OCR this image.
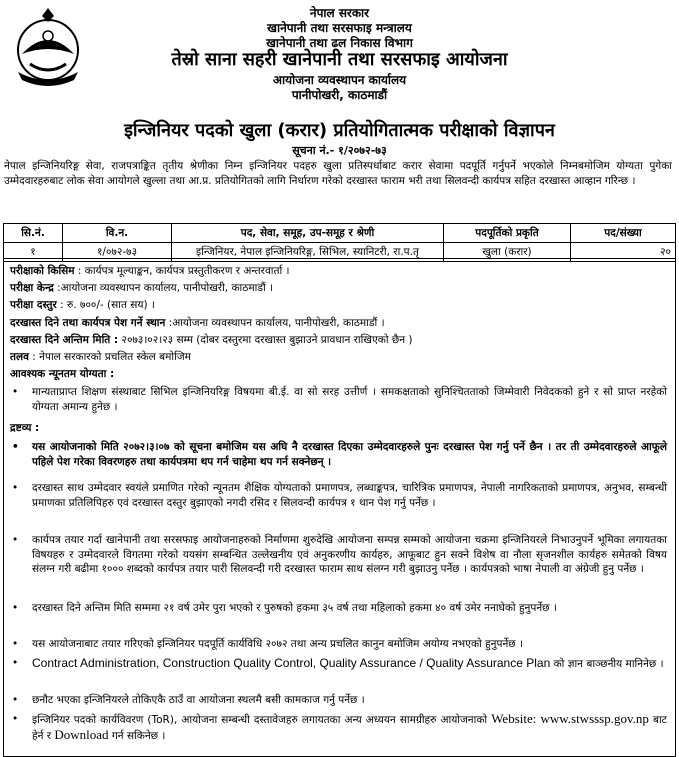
नेपाल सरकार
खानेपानी तथा सरसफाइ मन्त्रालय
खानेपानी तथा ढल निकास विभाग
तेस्रो साना सहरी खानेपानी तथा सरसफाइ आयोजना
आयोजना व्यवस्थापन कार्यालय
पानीपोखरी, काठमाडौं
इन्जिनियर पदको खुला (करार) प्रतियोगितात्मक परीक्षाको विज्ञापन
सूचना नं.- १/२०७२-७३
नेपाल इन्जिनियरिङ्ग सेवा, राजपत्राङ्कित तृतीय श्रेणीका निम्न इन्जिनियर पदहरु खुला प्रतिस्पर्धाबाट करार सेवामा पदपूर्ति गर्नुपर्ने भएकोले निम्नबमोजिम योग्यता पुगेका उम्मेदवारहरुबाट लोक सेवा आयोगले खुल्ला तथा आ.प्र. प्रतियोगितको लागि निर्धारण गरेको दरखास्त फाराम भरी तथा सिलवन्दी कार्यपत्र सहित दरखास्त आव्हान गरिन्छ ।
सि.नं.	वि.न.	पद, सेवा, समूह, उप-समूह र श्रेणी	पदपूर्तिको प्रकृति	पद/संख्या
१	१/०७२-७३	इन्जिनियर, नेपाल इन्जिनियरिङ्ग, सिभिल, स्यानिटरी, रा.प.तृ	खुला (करार)	२०
परीक्षाको किसिम : कार्यपत्र मूल्याङ्कन, कार्यपत्र प्रस्तुतीकरण र अन्तरवार्ता ।
परीक्षा केन्द्र :आयोजना व्यवस्थापन कार्यालय, पानीपोखरी, काठमाडौं ।
परीक्षा दस्तुर : रु. ७००/- (सात सय) ।
दरखास्त दिने तथा कार्यपत्र पेश गर्ने स्थान :आयोजना व्यवस्थापन कार्यालय, पानीपोखरी, काठमाडौं ।
दरखास्त दिने अन्तिम मिति : २०७३।०२।२३ सम्म (दोबर दस्तुरमा दरखास्त बुझाउने प्रावधान राखिएको छैन )
तलव : नेपाल सरकारको प्रचलित स्केल बमोजिम
आवश्यक न्यूनतम योग्यता :
• मान्यताप्राप्त शिक्षण संस्थाबाट सिभिल इन्जिनियरिङ्ग विषयमा बी.ई. वा सो सरह उत्तीर्ण । समकक्षताको सुनिश्चितताको जिम्मेवारी निवेदकको हुने र सो प्राप्त नरहेको योग्यता अमान्य हुनेछ ।
द्रष्टव्य :
• यस आयोजनाको मिति २०७२।३।०७ को सूचना बमोजिम यस अघि नै दरखास्त दिएका उम्मेदवारहरुले पुनः दरखास्त पेश गर्नु पर्ने छैन । तर ती उम्मेदवारहरुले आफूले पहिले पेश गरेका विवरणहरु तथा कार्यपत्रमा थप गर्न चाहेमा थप गर्न सक्नेछन् ।
• दरखास्त साथ उम्मेदवार स्वयंले प्रमाणित गरेको न्यूनतम शैक्षिक योग्यताको प्रमाणपत्र, लब्धाङ्कपत्र, चारित्रिक प्रमाणपत्र, नेपाली नागरिकताको प्रमाणपत्र, अनुभव, सम्बन्धी प्रमाणका प्रतिलिपिहरु एवं दरखास्त दस्तुर बुझाएको नगदी रसिद र सिलवन्दी कार्यपत्र १ थान पेश गर्नु पर्नेछ ।
• कार्यपत्र तयार गर्दा खानेपानी तथा सरसफाइ आयोजनाहरुको निर्माणमा शुरुदेखि आयोजना सम्पन्न सम्मको आयोजना चक्रमा इन्जिनियरले निभाउनुपर्ने भूमिका लगायतका विषयहरु र उम्मेदवारले विगतमा गरेको ययसंग सम्बन्धित उल्लेखनीय एवं अनुकरणीय कार्यहरु, आफूबाट हुन सक्ने विशेष वा नौला सृजनशील कार्यहरु समेतको विषय संलग्न गरी बढीमा १००० शब्दको कार्यपत्र तयार पारी सिलवन्दी गरी दरखास्त फाराम साथ संलग्न गरी बुझाउनु पर्नेछ । कार्यपत्रको भाषा नेपाली वा अंग्रेजी हुनु पर्नेछ ।
• दरखास्त दिने अन्तिम मिति सम्ममा २१ वर्ष उमेर पुरा भएको र पुरुषको हकमा ३५ वर्ष तथा महिलाको हकमा ४० वर्ष उमेर ननाघेको हुनुपर्नेछ ।
• यस आयोजनाबाट तयार गरिएको इन्जिनियर पदपूर्ति कार्यविधि २०७२ तथा अन्य प्रचलित कानुन बमोजिम अयोग्य नभएको हुनुपर्नेछ ।
• Contract Administration, Construction Quality Control, Quality Assurance / Quality Assurance Plan को ज्ञान बाञ्छनीय मानिनेछ ।
• छनौट भएका इन्जिनियरले तोकिएकै ठाउँ वा आयोजना स्थलमै बसी कामकाज गर्नु पर्नेछ ।
• इन्जिनियर पदको कार्यविवरण (ToR), आयोजना सम्बन्धी दस्तावेजहरु लगायतका अन्य अध्ययन सामग्रीहरु आयोजनाको Website: www.stwsssp.gov.np बाट हेर्न र Download गर्न सकिनेछ ।
